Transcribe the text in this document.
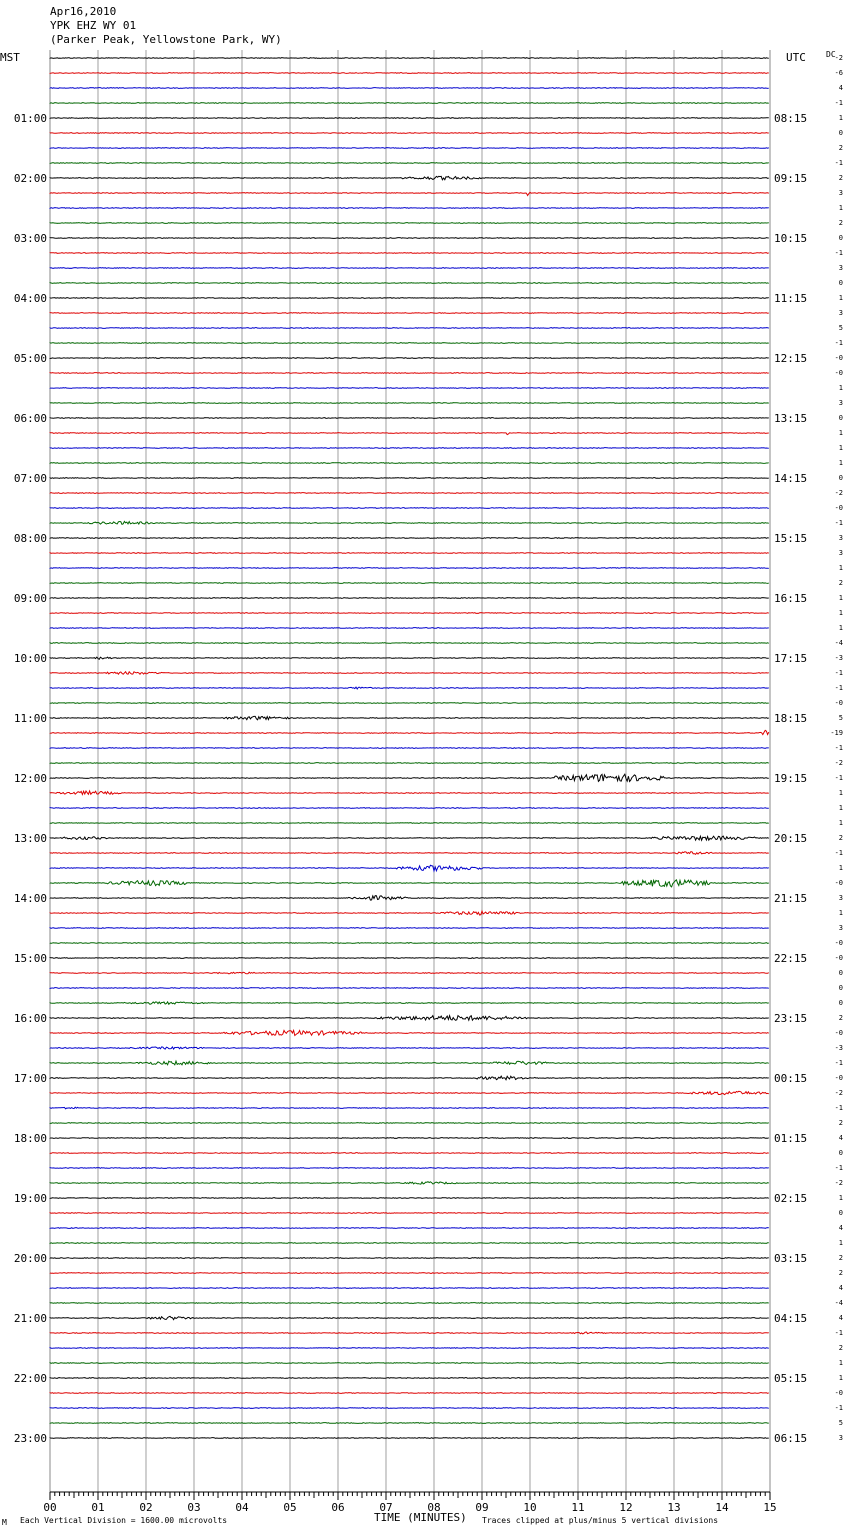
-2
-6
4
-1
1
0
2
-1
2
3
1
2
0
-1
3
0
1
3
5
-1
-0
-0
1
3
0
1
1
1
0
-2
-0
-1
3
3
1
2
1
1
1
-4
-3
-1
-1
-0
5
-19
-1
-2
-1
1
1
1
2
-1
1
-0
3
1
3
-0
-0
0
0
0
2
-0
-3
-1
-0
-2
-1
2
4
0
-1
-2
1
0
4
1
2
2
4
-4
4
-1
2
1
1
-0
-1
5
3
01:00
02:00
03:00
04:00
05:00
06:00
07:00
08:00
09:00
10:00
11:00
12:00
13:00
14:00
15:00
16:00
17:00
18:00
19:00
20:00
21:00
22:00
23:00
08:15
09:15
10:15
11:15
12:15
13:15
14:15
15:15
16:15
17:15
18:15
19:15
20:15
21:15
22:15
23:15
00:15
01:15
02:15
03:15
04:15
05:15
06:15
00	01	02	03	04	05	06	07	08	09	10	11	12	13	14	15
Apr16,2010
YPK EHZ WY 01
(Parker Peak, Yellowstone Park, WY)
MST	UTC	DC
M Each Vertical Division = 1600.00 microvolts	TIME (MINUTES) Traces clipped at plus/minus 5 vertical divisions
